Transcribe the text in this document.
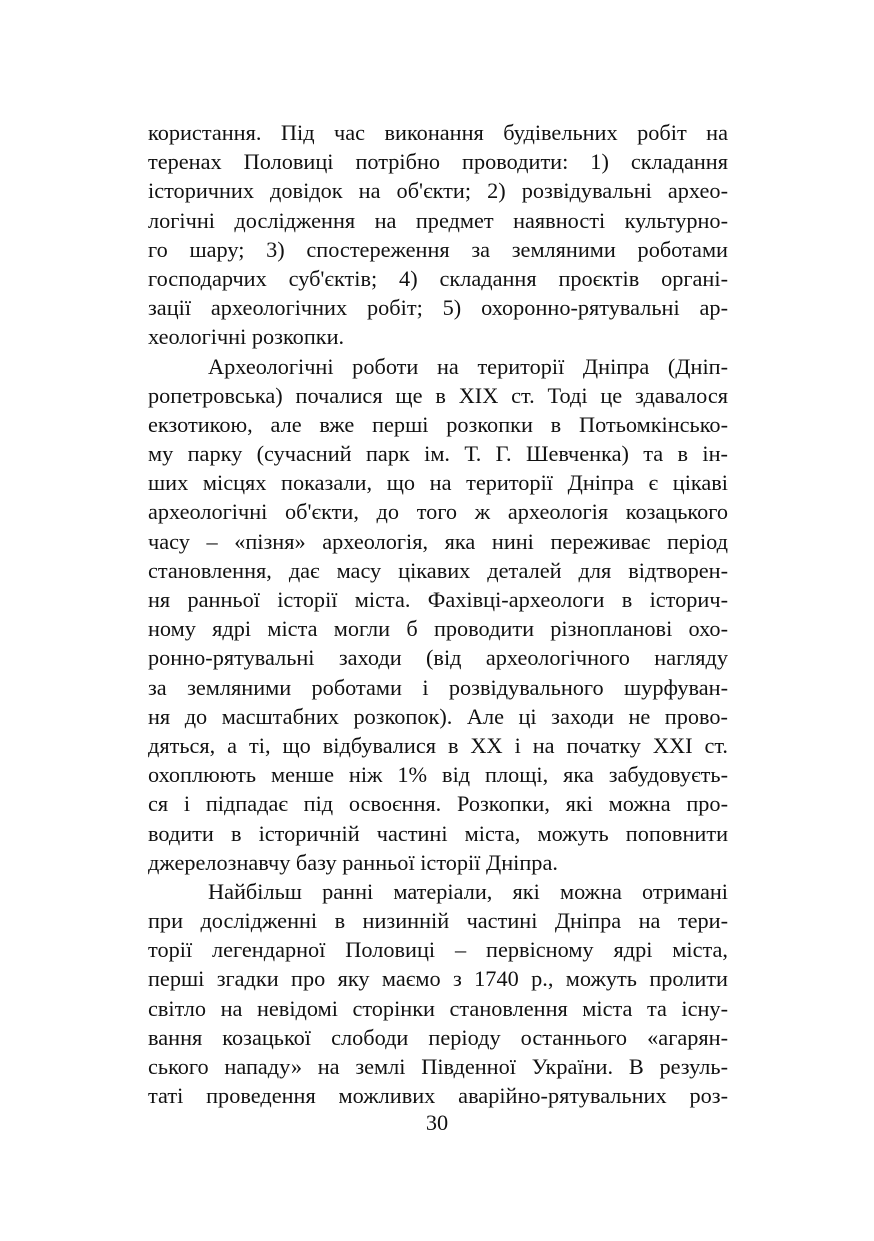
користання. Під час виконання будівельних робіт на
теренах Половиці потрібно проводити: 1) складання
історичних довідок на об'єкти; 2) розвідувальні архео-
логічні дослідження на предмет наявності культурно-
го шару; 3) спостереження за земляними роботами
господарчих суб'єктів; 4) складання проєктів органі-
зації археологічних робіт; 5) охоронно-рятувальні ар-
хеологічні розкопки.
Археологічні роботи на території Дніпра (Дніп-
ропетровська) почалися ще в ХІХ ст. Тоді це здавалося
екзотикою, але вже перші розкопки в Потьомкінсько-
му парку (сучасний парк ім. Т. Г. Шевченка) та в ін-
ших місцях показали, що на території Дніпра є цікаві
археологічні об'єкти, до того ж археологія козацького
часу – «пізня» археологія, яка нині переживає період
становлення, дає масу цікавих деталей для відтворен-
ня ранньої історії міста. Фахівці-археологи в історич-
ному ядрі міста могли б проводити різнопланові охо-
ронно-рятувальні заходи (від археологічного нагляду
за земляними роботами і розвідувального шурфуван-
ня до масштабних розкопок). Але ці заходи не прово-
дяться, а ті, що відбувалися в ХХ і на початку ХХІ ст.
охоплюють менше ніж 1% від площі, яка забудовуєть-
ся і підпадає під освоєння. Розкопки, які можна про-
водити в історичній частині міста, можуть поповнити
джерелознавчу базу ранньої історії Дніпра.
Найбільш ранні матеріали, які можна отримані
при дослідженні в низинній частині Дніпра на тери-
торії легендарної Половиці – первісному ядрі міста,
перші згадки про яку маємо з 1740 р., можуть пролити
світло на невідомі сторінки становлення міста та існу-
вання козацької слободи періоду останнього «агарян-
ського нападу» на землі Південної України. В резуль-
таті проведення можливих аварійно-рятувальних роз-
30
